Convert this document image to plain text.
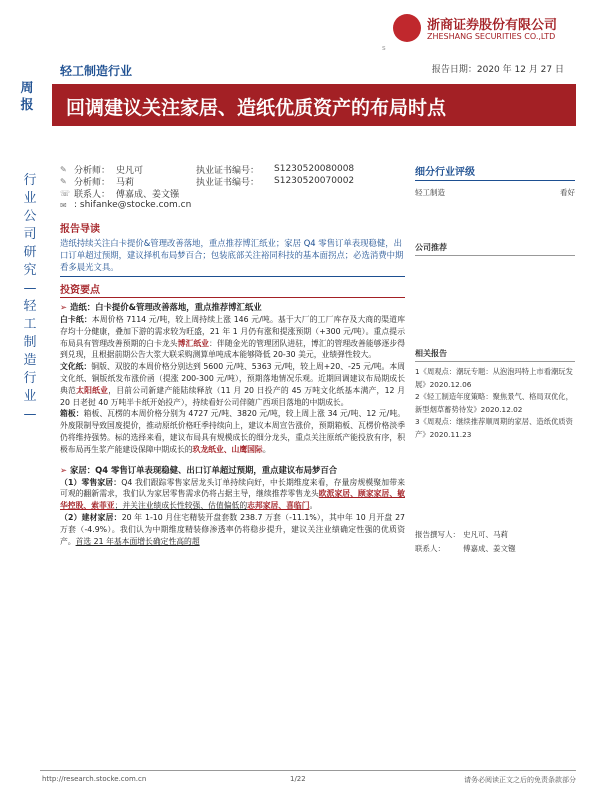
浙商证券股份有限公司
ZHESHANG SECURITIES CO.,LTD
s
周报
轻工制造行业	报告日期：2020 年 12 月 27 日
回调建议关注家居、造纸优质资产的布局时点
行业公司研究—轻工制造行业—
✎ 分析师： 史凡可	执业证书编号：	S1230520080008
✎ 分析师： 马莉	执业证书编号：	S1230520070002
☏ 联系人： 傅嘉成、姜文镪
✉ : shifanke@stocke.com.cn
报告导读

造纸持续关注白卡提价&管理改善落地，重点推荐博汇纸业；家居 Q4 零售订单表现稳健，出口订单超过预期，建议择机布局梦百合；包装底部关注裕同科技的基本面拐点；必选消费中期看多晨光文具。

投资要点
➢ 造纸：白卡提价&管理改善落地，重点推荐博汇纸业

白卡纸：本周价格 7114 元/吨，较上周持续上涨 146 元/吨。基于大厂的工厂库存及大商的渠道库存均十分健康，叠加下游的需求较为旺盛，21 年 1 月仍有涨和提涨预期（+300 元/吨）。重点提示布局具有管理改善预期的白卡龙头博汇纸业：伴随金光的管理团队进驻，博汇的管理改善能够逐步得到兑现，且根据前期公告大浆大联采购测算单吨成本能够降低 20-30 美元，业绩弹性较大。

文化纸：铜版、双胶的本周价格分别达到 5600 元/吨、5363 元/吨，较上周+20、-25 元/吨。本周文化纸、铜版纸发布涨价函（提涨 200-300 元/吨），预期落地情况乐观。近期回调建议布局期成长典范太阳纸业，目前公司新建产能陆续释放（11 月 20 日投产的 45 万吨文化纸基本满产，12 月 20 日老挝 40 万吨半卡纸开始投产），持续看好公司伴随广西项目落地的中期成长。

箱板：箱板、瓦楞的本周价格分别为 4727 元/吨、3820 元/吨，较上周上涨 34 元/吨、12 元/吨。外废限制导致国废提价，推动原纸价格旺季持续向上，建议本周宣告涨价，预期箱板、瓦楞价格淡季仍将维持强势。标的选择来看，建议布局具有规模成长的细分龙头，重点关注原纸产能投放有序，积极布局再生浆产能建设保障中期成长的玖龙纸业、山鹰国际。

➢ 家居：Q4 零售订单表现稳健、出口订单超过预期，重点建议布局梦百合

（1）零售家居：Q4 我们跟踪零售家居龙头订单持续向好，中长期维度来看，存量房规模聚加带来可观的翻新需求，我们认为家居零售需求仍将占据主导，继续推荐零售龙头欧派家居、顾家家居、敏华控股、索菲亚；并关注业绩成长性较强、估值偏低的志邦家居、喜临门。

（2）建材家居：20 年 1-10 月住宅精装开盘套数 238.7 万套（-11.1%），其中年 10 月开盘 27 万套（-4.9%）。我们认为中期维度精装修渗透率仍将稳步提升，建议关注业绩确定性强的优质资产。首选 21 年基本面增长确定性高的超

细分行业评级
轻工制造	看好
公司推荐
相关报告
1《周观点：潮玩专题：从泡泡玛特上市看潮玩发展》2020.12.06
2《轻工制造年度策略：聚焦景气、格局双优化，新型烟草蓄势待发》2020.12.02
3《周观点：继续推荐顺周期的家居、造纸优质资产》2020.11.23
报告撰写人： 史凡可、马莉
联系人：	傅嘉成、姜文镪
http://research.stocke.com.cn	1/22	请务必阅读正文之后的免责条款部分
